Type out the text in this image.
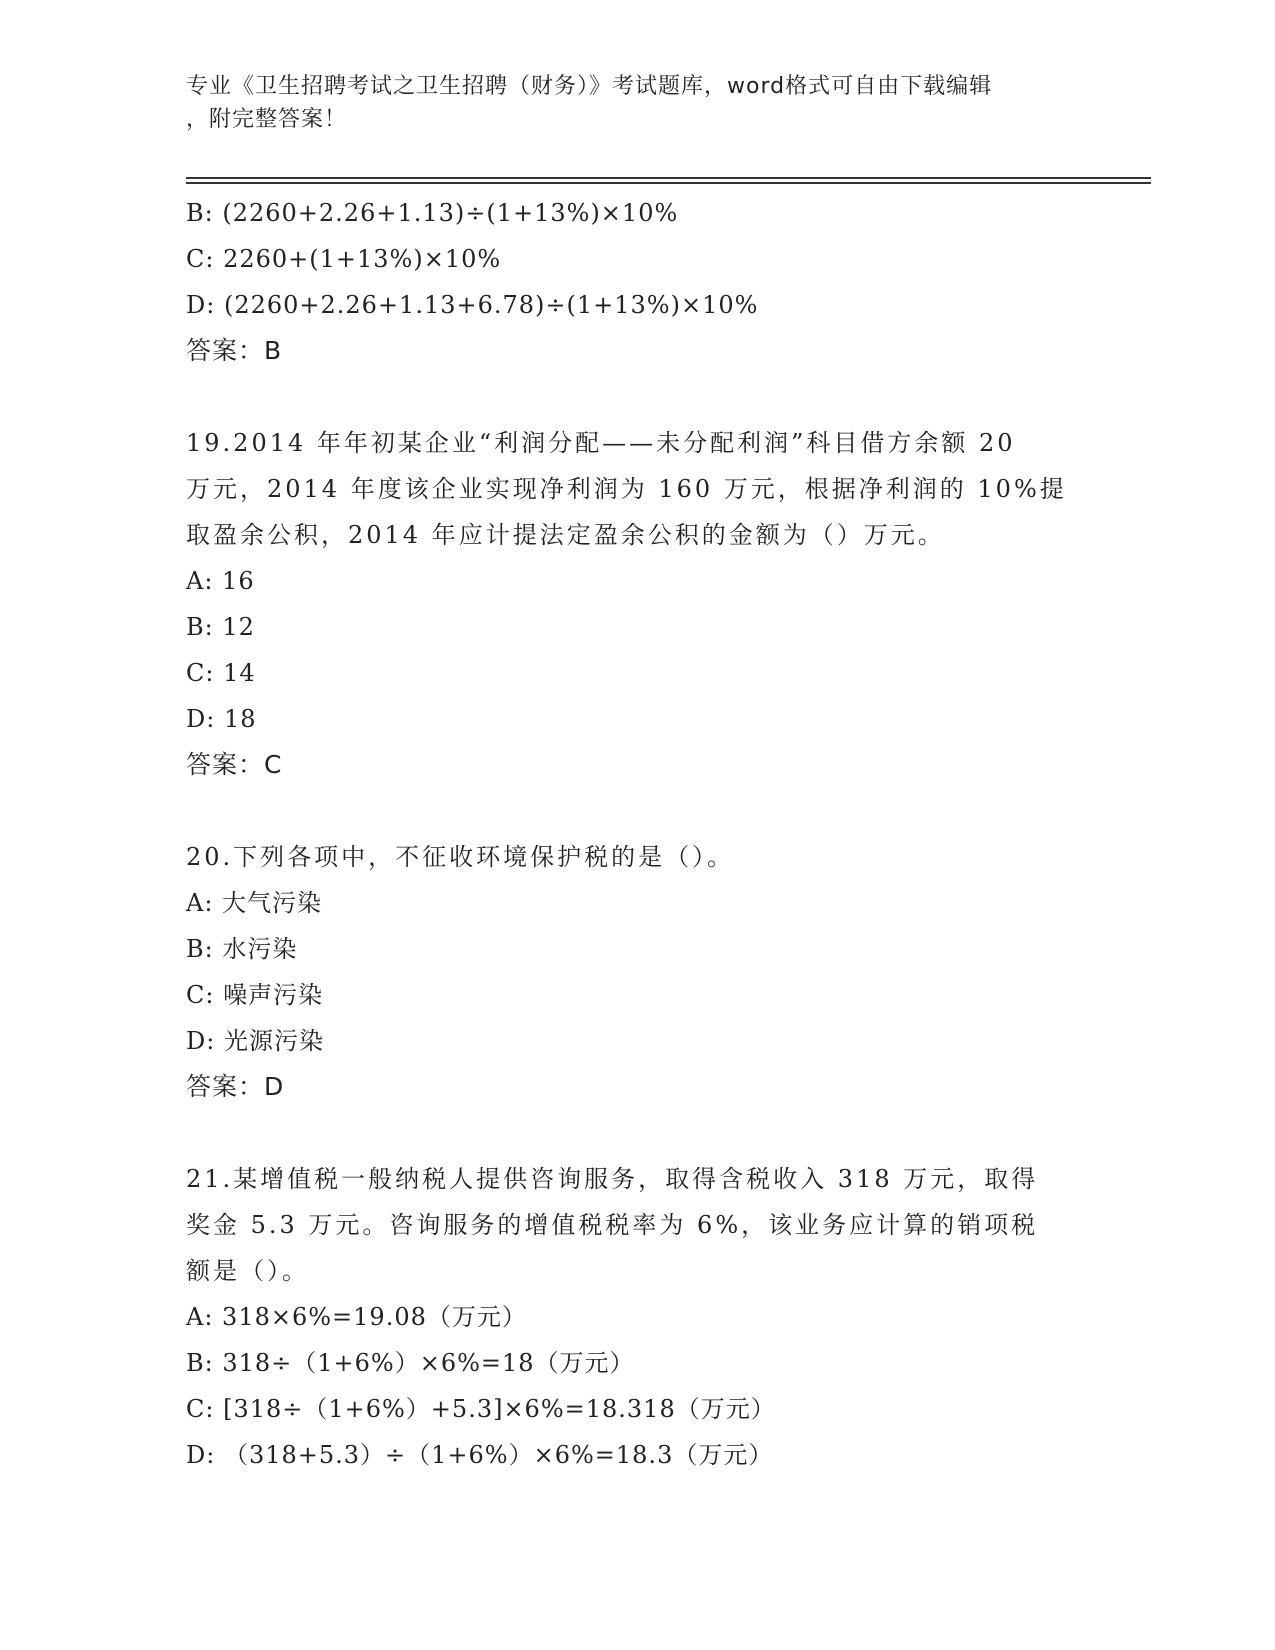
专业《卫生招聘考试之卫生招聘（财务）》考试题库，word格式可自由下载编辑
，附完整答案！
B: (2260+2.26+1.13)÷(1+13%)×10%
C: 2260+(1+13%)×10%
D: (2260+2.26+1.13+6.78)÷(1+13%)×10%
答案：B
19.2014 年年初某企业“利润分配——未分配利润”科目借方余额 20
万元，2014 年度该企业实现净利润为 160 万元，根据净利润的 10%提
取盈余公积，2014 年应计提法定盈余公积的金额为（）万元。
A: 16
B: 12
C: 14
D: 18
答案：C
20.下列各项中，不征收环境保护税的是（）。
A: 大气污染
B: 水污染
C: 噪声污染
D: 光源污染
答案：D
21.某增值税一般纳税人提供咨询服务，取得含税收入 318 万元，取得
奖金 5.3 万元。咨询服务的增值税税率为 6%，该业务应计算的销项税
额是（）。
A: 318×6%=19.08（万元）
B: 318÷（1+6%）×6%=18（万元）
C: [318÷（1+6%）+5.3]×6%=18.318（万元）
D: （318+5.3）÷（1+6%）×6%=18.3（万元）
